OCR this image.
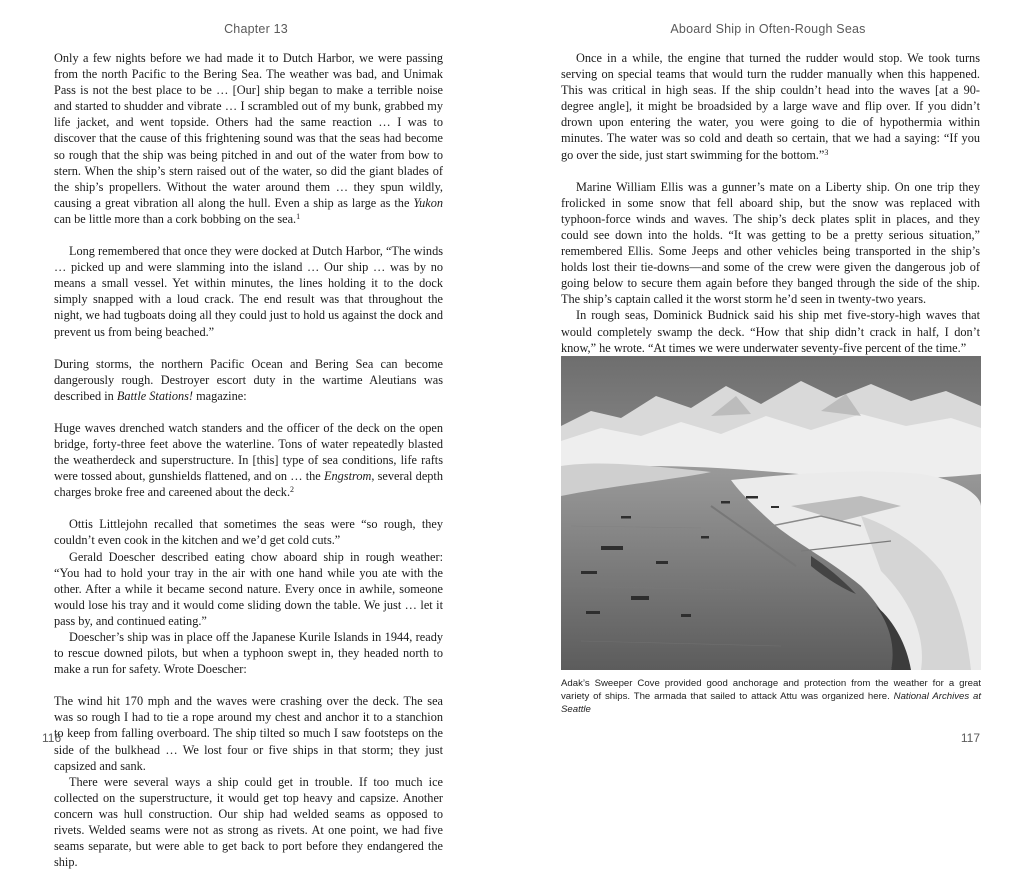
Chapter 13

Only a few nights before we had made it to Dutch Harbor, we were passing from the north Pacific to the Bering Sea. The weather was bad, and Unimak Pass is not the best place to be … [Our] ship began to make a terrible noise and started to shudder and vibrate … I scrambled out of my bunk, grabbed my life jacket, and went topside. Others had the same reaction … I was to discover that the cause of this frightening sound was that the seas had become so rough that the ship was being pitched in and out of the water from bow to stern. When the ship’s stern raised out of the water, so did the giant blades of the ship’s propellers. Without the water around them … they spun wildly, causing a great vibration all along the hull. Even a ship as large as the Yukon can be little more than a cork bobbing on the sea.$^1$

Long remembered that once they were docked at Dutch Harbor, “The winds … picked up and were slamming into the island … Our ship … was by no means a small vessel. Yet within minutes, the lines holding it to the dock simply snapped with a loud crack. The end result was that throughout the night, we had tugboats doing all they could just to hold us against the dock and prevent us from being beached.”

During storms, the northern Pacific Ocean and Bering Sea can become dangerously rough. Destroyer escort duty in the wartime Aleutians was described in Battle Stations! magazine:

Huge waves drenched watch standers and the officer of the deck on the open bridge, forty-three feet above the waterline. Tons of water repeatedly blasted the weatherdeck and superstructure. In [this] type of sea conditions, life rafts were tossed about, gunshields flattened, and on … the Engstrom, several depth charges broke free and careened about the deck.$^2$

Ottis Littlejohn recalled that sometimes the seas were “so rough, they couldn’t even cook in the kitchen and we’d get cold cuts.”

Gerald Doescher described eating chow aboard ship in rough weather: “You had to hold your tray in the air with one hand while you ate with the other. After a while it became second nature. Every once in awhile, someone would lose his tray and it would come sliding down the table. We just … let it pass by, and continued eating.”

Doescher’s ship was in place off the Japanese Kurile Islands in 1944, ready to rescue downed pilots, but when a typhoon swept in, they headed north to make a run for safety. Wrote Doescher:

The wind hit 170 mph and the waves were crashing over the deck. The sea was so rough I had to tie a rope around my chest and anchor it to a stanchion to keep from falling overboard. The ship tilted so much I saw footsteps on the side of the bulkhead … We lost four or five ships in that storm; they just capsized and sank.

There were several ways a ship could get in trouble. If too much ice collected on the superstructure, it would get top heavy and capsize. Another concern was hull construction. Our ship had welded seams as opposed to rivets. Welded seams were not as strong as rivets. At one point, we had five seams separate, but were able to get back to port before they endangered the ship.

116
Aboard Ship in Often-Rough Seas

Once in a while, the engine that turned the rudder would stop. We took turns serving on special teams that would turn the rudder manually when this happened. This was critical in high seas. If the ship couldn’t head into the waves [at a 90-degree angle], it might be broadsided by a large wave and flip over. If you didn’t drown upon entering the water, you were going to die of hypothermia within minutes. The water was so cold and death so certain, that we had a saying: “If you go over the side, just start swimming for the bottom.”$^3$

Marine William Ellis was a gunner’s mate on a Liberty ship. On one trip they frolicked in some snow that fell aboard ship, but the snow was replaced with typhoon-force winds and waves. The ship’s deck plates split in places, and they could see down into the holds. “It was getting to be a pretty serious situation,” remembered Ellis. Some Jeeps and other vehicles being transported in the ship’s holds lost their tie-downs—and some of the crew were given the dangerous job of going below to secure them again before they banged through the side of the ship. The ship’s captain called it the worst storm he’d seen in twenty-two years.

In rough seas, Dominick Budnick said his ship met five-story-high waves that would completely swamp the deck. “How that ship didn’t crack in half, I don’t know,” he wrote. “At times we were underwater seventy-five percent of the time.”

Adak’s Sweeper Cove provided good anchorage and protection from the weather for a great variety of ships. The armada that sailed to attack Attu was organized here. National Archives at Seattle
117
